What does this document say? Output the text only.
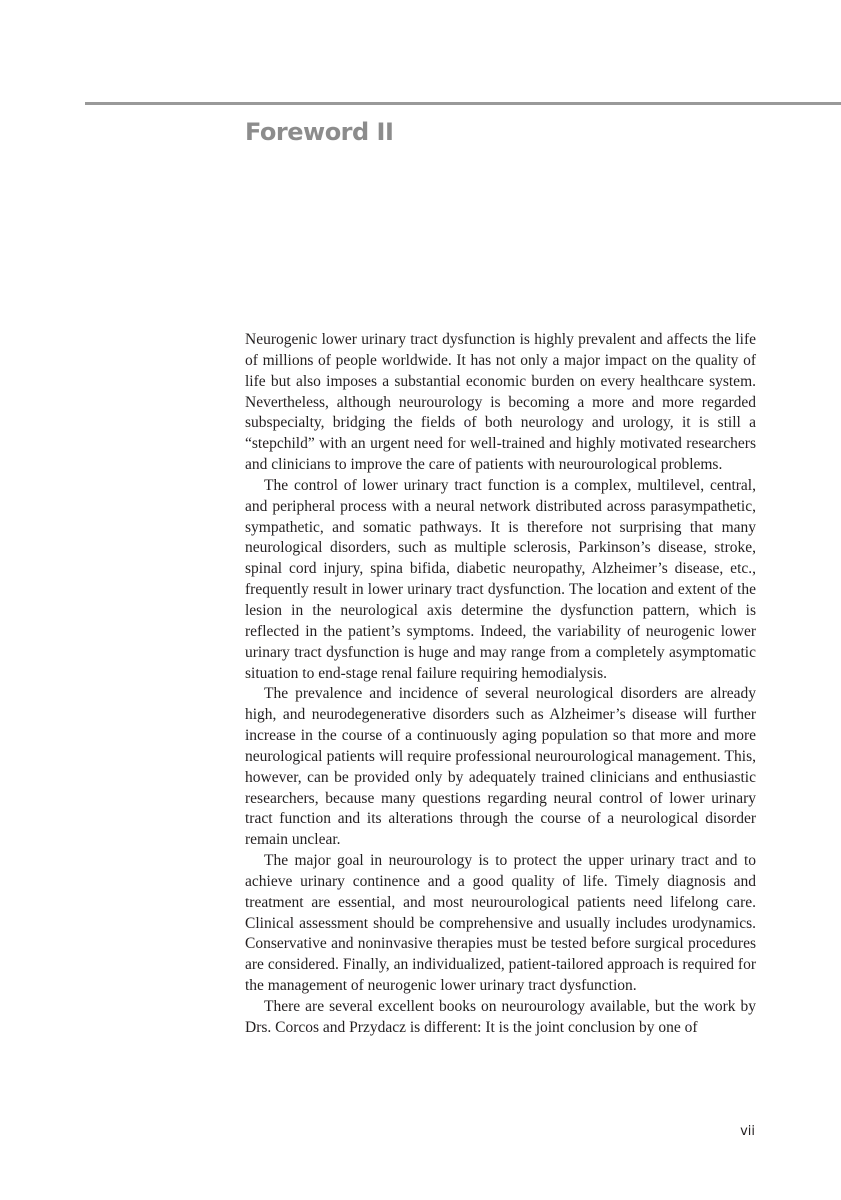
Foreword II

Neurogenic lower urinary tract dysfunction is highly prevalent and affects the life of millions of people worldwide. It has not only a major impact on the quality of life but also imposes a substantial economic burden on every healthcare system. Nevertheless, although neurourology is becoming a more and more regarded subspecialty, bridging the fields of both neurology and urology, it is still a “stepchild” with an urgent need for well-trained and highly motivated researchers and clinicians to improve the care of patients with neurourological problems.

The control of lower urinary tract function is a complex, multilevel, central, and peripheral process with a neural network distributed across parasympathetic, sympathetic, and somatic pathways. It is therefore not surprising that many neurological disorders, such as multiple sclerosis, Parkinson’s disease, stroke, spinal cord injury, spina bifida, diabetic neuropathy, Alzheimer’s disease, etc., frequently result in lower urinary tract dysfunction. The location and extent of the lesion in the neurological axis determine the dysfunction pattern, which is reflected in the patient’s symptoms. Indeed, the variability of neurogenic lower urinary tract dysfunction is huge and may range from a completely asymptomatic situation to end-stage renal failure requiring hemodialysis.

The prevalence and incidence of several neurological disorders are already high, and neurodegenerative disorders such as Alzheimer’s disease will further increase in the course of a continuously aging population so that more and more neurological patients will require professional neurourological management. This, however, can be provided only by adequately trained clinicians and enthusiastic researchers, because many questions regarding neural control of lower urinary tract function and its alterations through the course of a neurological disorder remain unclear.

The major goal in neurourology is to protect the upper urinary tract and to achieve urinary continence and a good quality of life. Timely diagnosis and treatment are essential, and most neurourological patients need lifelong care. Clinical assessment should be comprehensive and usually includes urodynamics. Conservative and noninvasive therapies must be tested before surgical procedures are considered. Finally, an individualized, patient-tailored approach is required for the management of neurogenic lower urinary tract dysfunction.

There are several excellent books on neurourology available, but the work by Drs. Corcos and Przydacz is different: It is the joint conclusion by one of

vii
